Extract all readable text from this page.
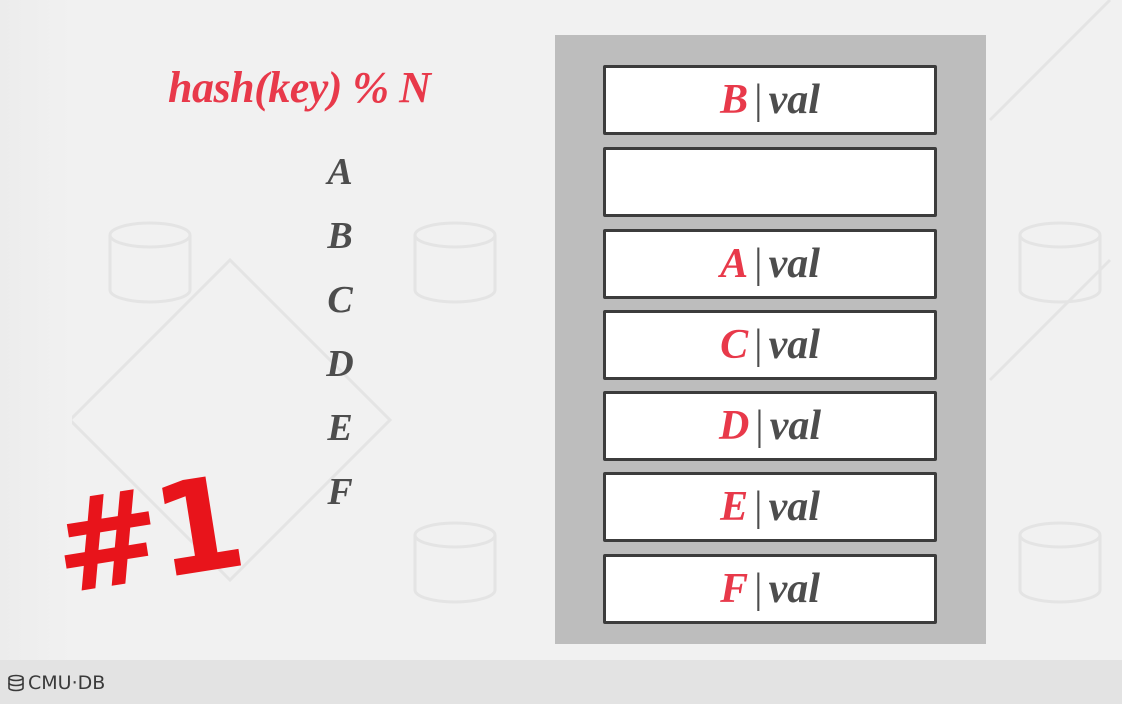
hash(key) % N
A
B
C
D
E
F
B | val
A | val
C | val
D | val
E | val
F | val
#1
CMU·DB
